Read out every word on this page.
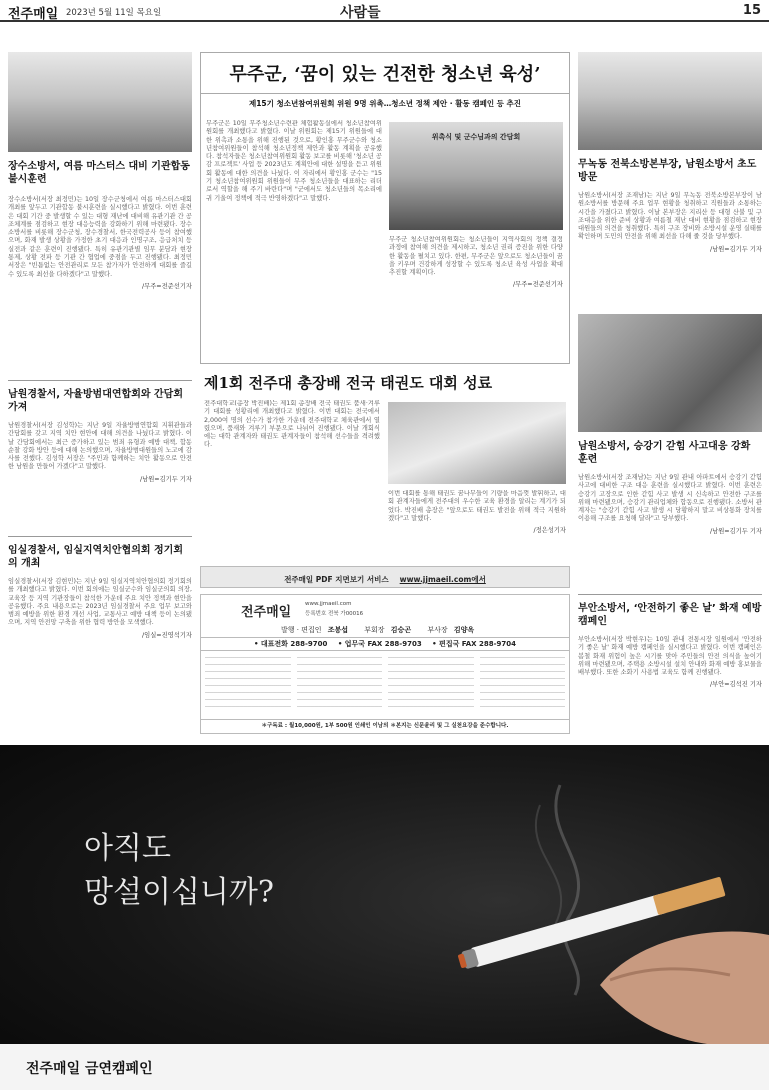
전주매일 2023년 5월 11일 목요일	사람들	15
장수소방서, 여름 마스터스 대비 기관합동 불시훈련
장수소방서(서장 최정민)는 10일 장수군청에서 여름 마스터스대회 개최를 앞두고 기관합동 불시훈련을 실시했다고 밝혔다. 이번 훈련은 대회 기간 중 발생할 수 있는 대형 재난에 대비해 유관기관 간 공조체계를 점검하고 현장 대응능력을 강화하기 위해 마련됐다. 장수소방서를 비롯해 장수군청, 장수경찰서, 한국전력공사 등이 참여했으며, 화재 발생 상황을 가정한 초기 대응과 인명구조, 응급처치 등 실전과 같은 훈련이 진행됐다. 특히 유관기관별 임무 분담과 현장 통제, 상황 전파 등 기관 간 협업에 중점을 두고 진행됐다. 최정민 서장은 "빈틈없는 안전관리로 모든 참가자가 안전하게 대회를 즐길 수 있도록 최선을 다하겠다"고 말했다.
/무주=전준선기자
남원경찰서, 자율방범대연합회와 간담회 가져
남원경찰서(서장 김성학)는 지난 9일 자율방범연합회 지휘관들과 간담회를 갖고 지역 치안 현안에 대해 의견을 나눴다고 밝혔다. 이날 간담회에서는 최근 증가하고 있는 범죄 유형과 예방 대책, 합동 순찰 강화 방안 등에 대해 논의했으며, 자율방범대원들의 노고에 감사를 전했다. 김성학 서장은 "주민과 함께하는 치안 활동으로 안전한 남원을 만들어 가겠다"고 말했다.
/남원=김기두 기자
임실경찰서, 임실지역치안협의회 정기회의 개최
임실경찰서(서장 김현민)는 지난 9일 임실지역치안협의회 정기회의를 개최했다고 밝혔다. 이번 회의에는 임실군수와 임실군의회 의장, 교육장 등 지역 기관장들이 참석한 가운데 주요 치안 정책과 현안을 공유했다. 주요 내용으로는 2023년 임실경찰서 주요 업무 보고와 범죄 예방을 위한 환경 개선 사업, 교통사고 예방 대책 등이 논의됐으며, 지역 안전망 구축을 위한 협력 방안을 모색했다.
/임실=진영석기자
무주군, ‘꿈이 있는 건전한 청소년 육성’
제15기 청소년참여위원회 위원 9명 위촉…청소년 정책 제안 · 활동 캠페인 등 추진
무주군은 10일 무주청소년수련관 체험활동실에서 청소년참여위원회를 개최했다고 밝혔다. 이날 위원회는 제15기 위원들에 대한 위촉과 소통을 위해 진행된 것으로, 황인홍 무주군수와 청소년참여위원들이 참석해 청소년정책 제안과 활동 계획을 공유했다. 참석자들은 청소년참여위원회 활동 보고를 비롯해 '청소년 공감 프로젝트' 사업 등 2023년도 계획안에 대한 설명을 듣고 위원회 활동에 대한 의견을 나눴다. 이 자리에서 황인홍 군수는 "15기 청소년참여위원회 위원들이 무주 청소년들을 대표하는 리더로서 역할을 해 주기 바란다"며 "군에서도 청소년들의 목소리에 귀 기울여 정책에 적극 반영하겠다"고 말했다.
위촉식 및 군수님과의 간담회
무주군 청소년참여위원회는 청소년들이 지역사회의 정책 결정 과정에 참여해 의견을 제시하고, 청소년 권리 증진을 위한 다양한 활동을 펼치고 있다. 한편, 무주군은 앞으로도 청소년들이 꿈을 키우며 건강하게 성장할 수 있도록 청소년 육성 사업을 확대 추진할 계획이다.
/무주=전준선기자
제1회 전주대 총장배 전국 태권도 대회 성료
전주대학교(총장 박진배)는 제1회 총장배 전국 태권도 품새·겨루기 대회를 성황리에 개최했다고 밝혔다. 이번 대회는 전국에서 2,000여 명의 선수가 참가한 가운데 전주대학교 체육관에서 열렸으며, 품새와 겨루기 부문으로 나뉘어 진행됐다. 이날 개회식에는 대학 관계자와 태권도 관계자들이 참석해 선수들을 격려했다.
이번 대회를 통해 태권도 꿈나무들이 기량을 마음껏 발휘하고, 대회 관계자들에게 전주대의 우수한 교육 환경을 알리는 계기가 되었다. 박진배 총장은 "앞으로도 태권도 발전을 위해 적극 지원하겠다"고 말했다.
/정은성기자
전주매일 PDF 지면보기 서비스 www.jjmaeil.com에서
전주매일
www.jjmaeil.com
등록번호 전북 가00016
발행 · 편집인 조봉섭 부회장 김승곤 부사장 김양옥
• 대표전화 288-9700 • 업무국 FAX 288-9703 • 편집국 FAX 288-9704
＊구독료 : 월10,000원, 1부 500원 인쇄인 이남의 ＊본지는 신문윤리 및 그 실천요강을 준수합니다.
무녹동 전북소방본부장, 남원소방서 초도방문
남원소방서(서장 조재남)는 지난 9일 무녹동 전북소방본부장이 남원소방서를 방문해 주요 업무 현황을 청취하고 직원들과 소통하는 시간을 가졌다고 밝혔다. 이날 본부장은 지리산 등 대형 산불 및 구조대응을 위한 준비 상황과 여름철 재난 대비 현황을 점검하고 현장 대원들의 의견을 청취했다. 특히 구조 장비와 소방시설 운영 실태를 확인하며 도민의 안전을 위해 최선을 다해 줄 것을 당부했다.
/남원=김기두 기자
남원소방서, 승강기 갇힘 사고대응 강화 훈련
남원소방서(서장 조재남)는 지난 9일 관내 아파트에서 승강기 갇힘 사고에 대비한 구조 대응 훈련을 실시했다고 밝혔다. 이번 훈련은 승강기 고장으로 인한 갇힘 사고 발생 시 신속하고 안전한 구조를 위해 마련됐으며, 승강기 관리업체와 합동으로 진행됐다. 소방서 관계자는 "승강기 갇힘 사고 발생 시 당황하지 말고 비상통화 장치를 이용해 구조를 요청해 달라"고 당부했다.
/남원=김기두 기자
부안소방서, ‘안전하기 좋은 날’ 화재 예방 캠페인
부안소방서(서장 박현우)는 10일 관내 전통시장 일원에서 '안전하기 좋은 날' 화재 예방 캠페인을 실시했다고 밝혔다. 이번 캠페인은 봄철 화재 위험이 높은 시기를 맞아 주민들의 안전 의식을 높이기 위해 마련됐으며, 주택용 소방시설 설치 안내와 화재 예방 홍보물을 배부했다. 또한 소화기 사용법 교육도 함께 진행됐다.
/부안=김석진 기자
아직도
망설이십니까?
전주매일 금연캠페인
